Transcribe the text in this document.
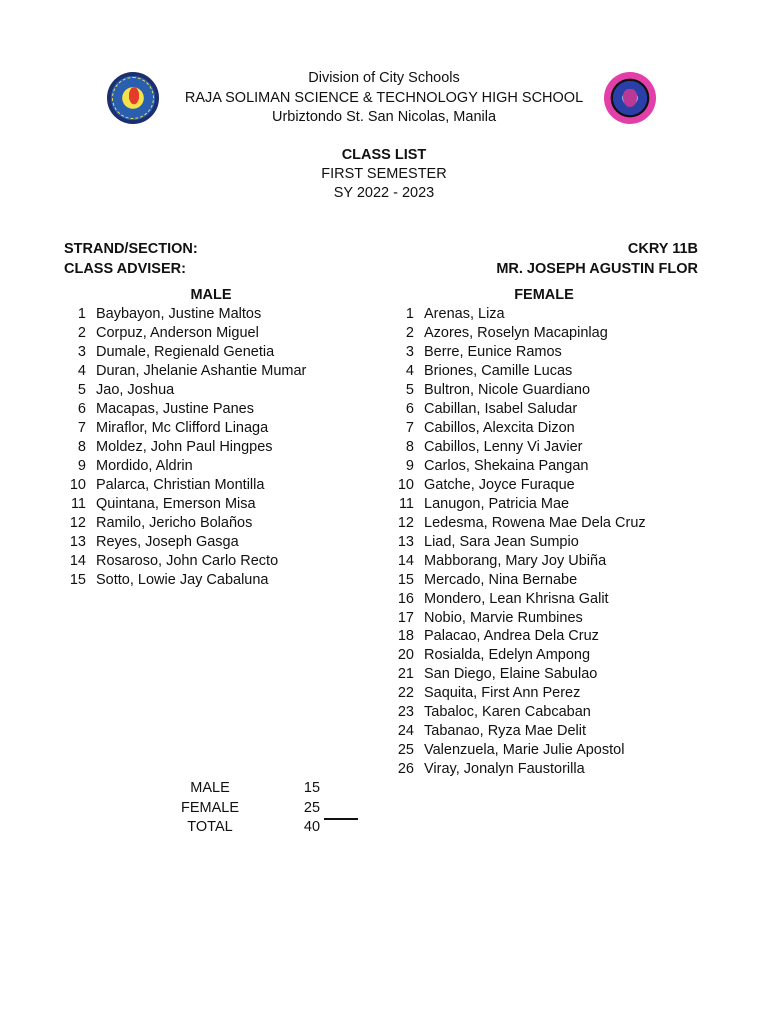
Division of City Schools
RAJA SOLIMAN SCIENCE & TECHNOLOGY HIGH SCHOOL
Urbiztondo St. San Nicolas, Manila
CLASS LIST
FIRST SEMESTER
SY 2022 - 2023
STRAND/SECTION:	CKRY 11B
CLASS ADVISER:	MR. JOSEPH AGUSTIN FLOR
MALE	FEMALE
1 Baybayon, Justine Maltos
2 Corpuz, Anderson Miguel
3 Dumale, Regienald Genetia
4 Duran, Jhelanie Ashantie Mumar
5 Jao, Joshua
6 Macapas, Justine Panes
7 Miraflor, Mc Clifford Linaga
8 Moldez, John Paul Hingpes
9 Mordido, Aldrin
10 Palarca, Christian Montilla
11 Quintana, Emerson Misa
12 Ramilo, Jericho Bolaños
13 Reyes, Joseph Gasga
14 Rosaroso, John Carlo Recto
15 Sotto, Lowie Jay Cabaluna
1 Arenas, Liza
2 Azores, Roselyn Macapinlag
3 Berre, Eunice Ramos
4 Briones, Camille Lucas
5 Bultron, Nicole Guardiano
6 Cabillan, Isabel Saludar
7 Cabillos, Alexcita Dizon
8 Cabillos, Lenny Vi Javier
9 Carlos, Shekaina Pangan
10 Gatche, Joyce Furaque
11 Lanugon, Patricia Mae
12 Ledesma, Rowena Mae Dela Cruz
13 Liad, Sara Jean Sumpio
14 Mabborang, Mary Joy Ubiña
15 Mercado, Nina Bernabe
16 Mondero, Lean Khrisna Galit
17 Nobio, Marvie Rumbines
18 Palacao, Andrea Dela Cruz
20 Rosialda, Edelyn Ampong
21 San Diego, Elaine Sabulao
22 Saquita, First Ann Perez
23 Tabaloc, Karen Cabcaban
24 Tabanao, Ryza Mae Delit
25 Valenzuela, Marie Julie Apostol
26 Viray, Jonalyn Faustorilla
MALE	15
FEMALE	25
TOTAL	40
